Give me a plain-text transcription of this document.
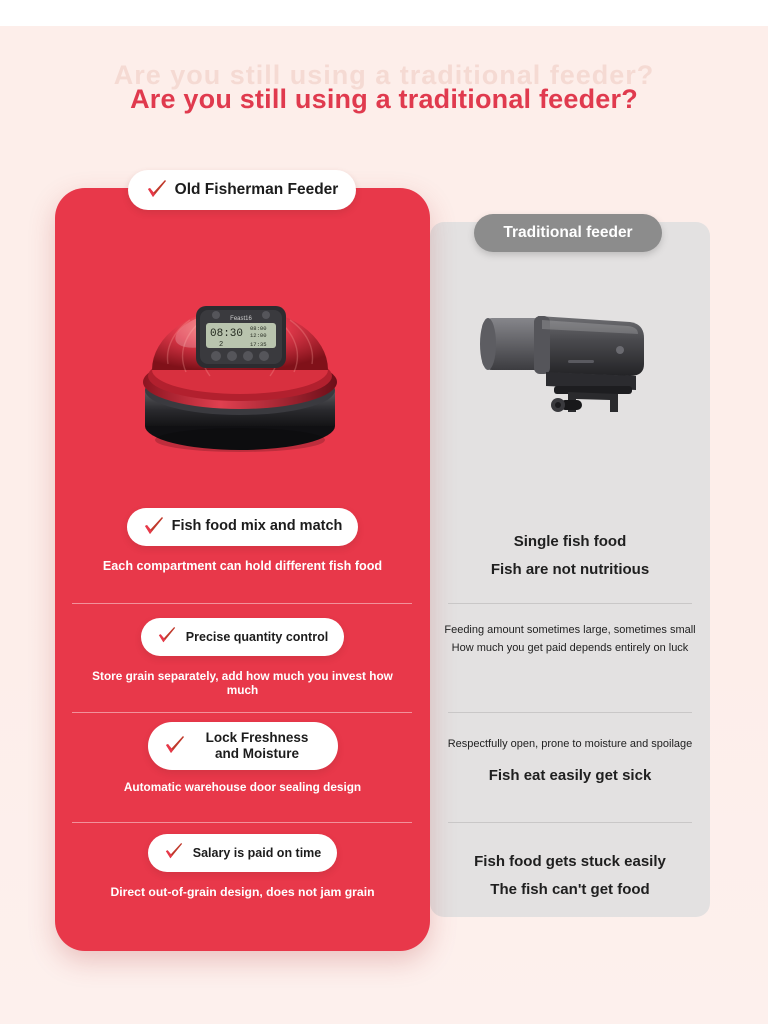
Are you still using a traditional feeder?
Are you still using a traditional feeder?
Old Fisherman Feeder
Traditional feeder
Feast16
08:30 08:00
12:00
17:35
2
Fish food mix and match
Each compartment can hold different fish food
Precise quantity control
Store grain separately, add how much you invest how much
Lock Freshness and Moisture
Automatic warehouse door sealing design
Salary is paid on time
Direct out-of-grain design, does not jam grain
Single fish food
Fish are not nutritious
Feeding amount sometimes large, sometimes small
How much you get paid depends entirely on luck
Respectfully open, prone to moisture and spoilage
Fish eat easily get sick
Fish food gets stuck easily
The fish can't get food
